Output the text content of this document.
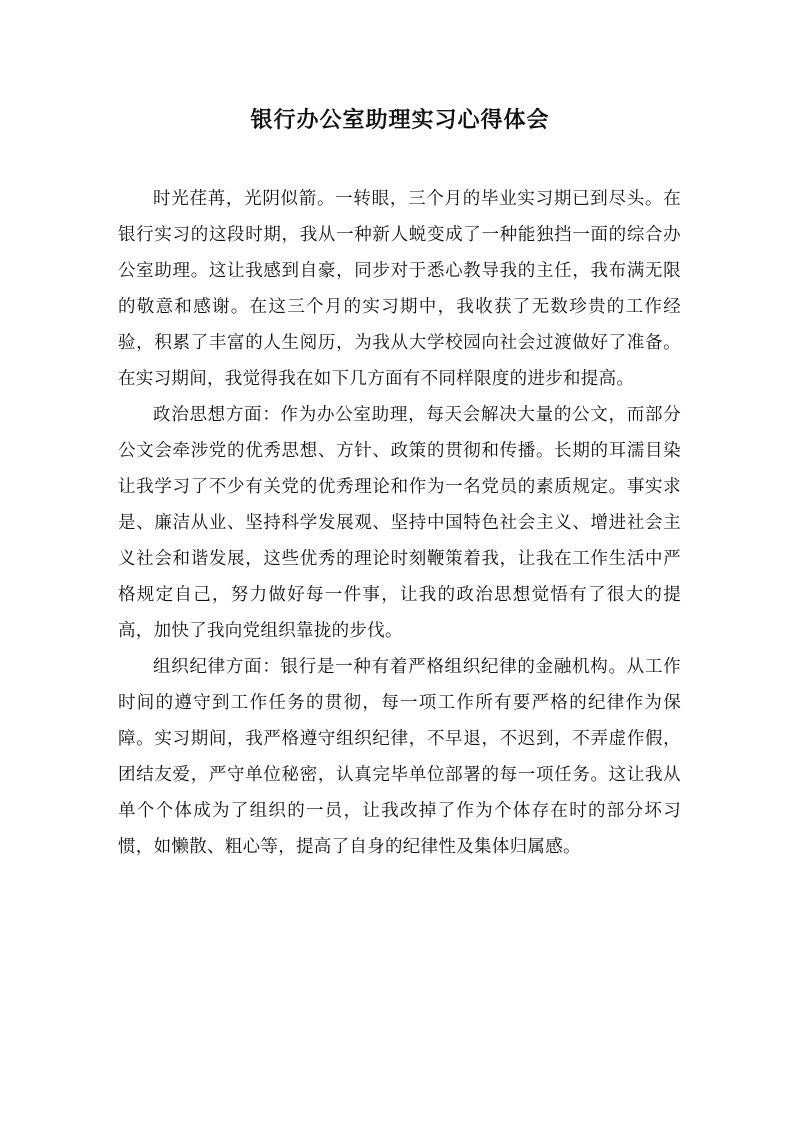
银行办公室助理实习心得体会

时光荏苒，光阴似箭。一转眼，三个月的毕业实习期已到尽头。在银行实习的这段时期，我从一种新人蜕变成了一种能独挡一面的综合办公室助理。这让我感到自豪，同步对于悉心教导我的主任，我布满无限的敬意和感谢。在这三个月的实习期中，我收获了无数珍贵的工作经验，积累了丰富的人生阅历，为我从大学校园向社会过渡做好了准备。在实习期间，我觉得我在如下几方面有不同样限度的进步和提高。

政治思想方面：作为办公室助理，每天会解决大量的公文，而部分公文会牵涉党的优秀思想、方针、政策的贯彻和传播。长期的耳濡目染让我学习了不少有关党的优秀理论和作为一名党员的素质规定。事实求是、廉洁从业、坚持科学发展观、坚持中国特色社会主义、增进社会主义社会和谐发展，这些优秀的理论时刻鞭策着我，让我在工作生活中严格规定自己，努力做好每一件事，让我的政治思想觉悟有了很大的提高，加快了我向党组织靠拢的步伐。

组织纪律方面：银行是一种有着严格组织纪律的金融机构。从工作时间的遵守到工作任务的贯彻，每一项工作所有要严格的纪律作为保障。实习期间，我严格遵守组织纪律，不早退，不迟到，不弄虚作假，团结友爱，严守单位秘密，认真完毕单位部署的每一项任务。这让我从单个个体成为了组织的一员，让我改掉了作为个体存在时的部分坏习惯，如懒散、粗心等，提高了自身的纪律性及集体归属感。
